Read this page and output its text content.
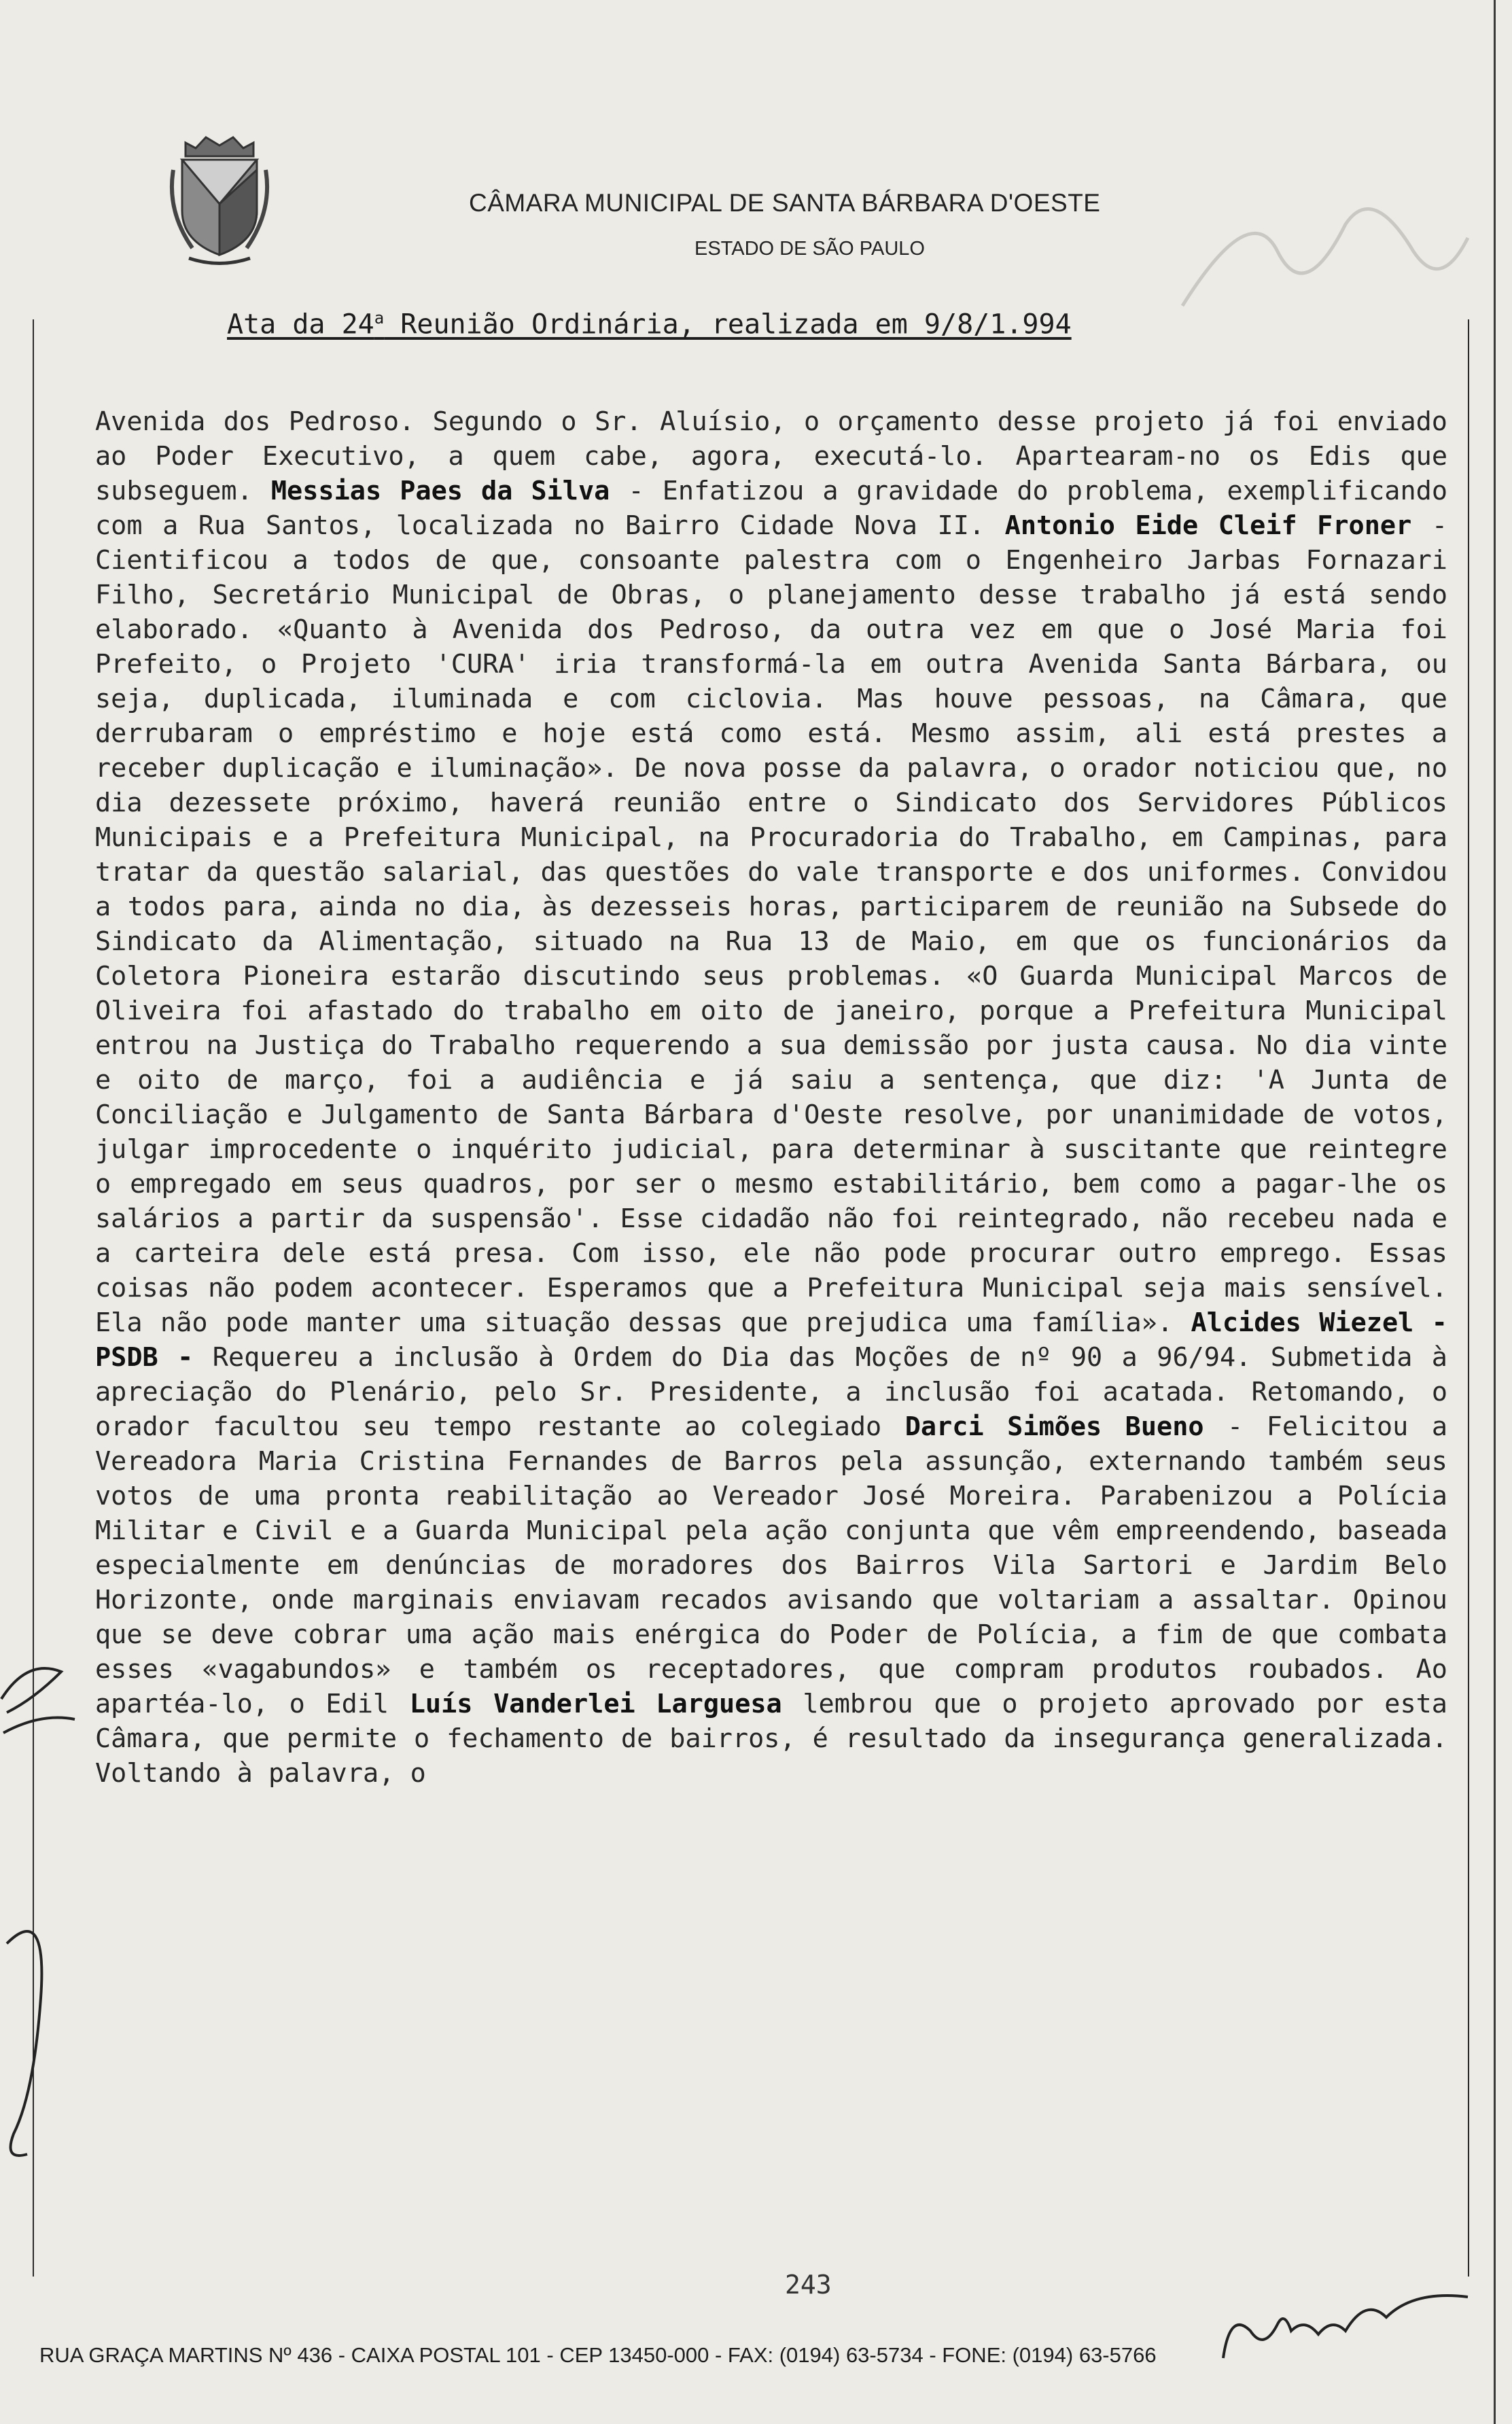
CÂMARA MUNICIPAL DE SANTA BÁRBARA D'OESTE
ESTADO DE SÃO PAULO
Ata da 24$^a$ Reunião Ordinária, realizada em 9/8/1.994
Avenida dos Pedroso. Segundo o Sr. Aluísio, o orçamento desse projeto já foi enviado ao Poder Executivo, a quem cabe, agora, executá-lo. Apartearam-no os Edis que subseguem. Messias Paes da Silva - Enfatizou a gravidade do problema, exemplificando com a Rua Santos, localizada no Bairro Cidade Nova II. Antonio Eide Cleif Froner - Cientificou a todos de que, consoante palestra com o Engenheiro Jarbas Fornazari Filho, Secretário Municipal de Obras, o planejamento desse trabalho já está sendo elaborado. «Quanto à Avenida dos Pedroso, da outra vez em que o José Maria foi Prefeito, o Projeto 'CURA' iria transformá-la em outra Avenida Santa Bárbara, ou seja, duplicada, iluminada e com ciclovia. Mas houve pessoas, na Câmara, que derrubaram o empréstimo e hoje está como está. Mesmo assim, ali está prestes a receber duplicação e iluminação». De nova posse da palavra, o orador noticiou que, no dia dezessete próximo, haverá reunião entre o Sindicato dos Servidores Públicos Municipais e a Prefeitura Municipal, na Procuradoria do Trabalho, em Campinas, para tratar da questão salarial, das questões do vale transporte e dos uniformes. Convidou a todos para, ainda no dia, às dezesseis horas, participarem de reunião na Subsede do Sindicato da Alimentação, situado na Rua 13 de Maio, em que os funcionários da Coletora Pioneira estarão discutindo seus problemas. «O Guarda Municipal Marcos de Oliveira foi afastado do trabalho em oito de janeiro, porque a Prefeitura Municipal entrou na Justiça do Trabalho requerendo a sua demissão por justa causa. No dia vinte e oito de março, foi a audiência e já saiu a sentença, que diz: 'A Junta de Conciliação e Julgamento de Santa Bárbara d'Oeste resolve, por unanimidade de votos, julgar improcedente o inquérito judicial, para determinar à suscitante que reintegre o empregado em seus quadros, por ser o mesmo estabilitário, bem como a pagar-lhe os salários a partir da suspensão'. Esse cidadão não foi reintegrado, não recebeu nada e a carteira dele está presa. Com isso, ele não pode procurar outro emprego. Essas coisas não podem acontecer. Esperamos que a Prefeitura Municipal seja mais sensível. Ela não pode manter uma situação dessas que prejudica uma família». Alcides Wiezel - PSDB - Requereu a inclusão à Ordem do Dia das Moções de nº 90 a 96/94. Submetida à apreciação do Plenário, pelo Sr. Presidente, a inclusão foi acatada. Retomando, o orador facultou seu tempo restante ao colegiado Darci Simões Bueno - Felicitou a Vereadora Maria Cristina Fernandes de Barros pela assunção, externando também seus votos de uma pronta reabilitação ao Vereador José Moreira. Parabenizou a Polícia Militar e Civil e a Guarda Municipal pela ação conjunta que vêm empreendendo, baseada especialmente em denúncias de moradores dos Bairros Vila Sartori e Jardim Belo Horizonte, onde marginais enviavam recados avisando que voltariam a assaltar. Opinou que se deve cobrar uma ação mais enérgica do Poder de Polícia, a fim de que combata esses «vagabundos» e também os receptadores, que compram produtos roubados. Ao apartéa-lo, o Edil Luís Vanderlei Larguesa lembrou que o projeto aprovado por esta Câmara, que permite o fechamento de bairros, é resultado da insegurança generalizada. Voltando à palavra, o
243
RUA GRAÇA MARTINS Nº 436 - CAIXA POSTAL 101 - CEP 13450-000 - FAX: (0194) 63-5734 - FONE: (0194) 63-5766
